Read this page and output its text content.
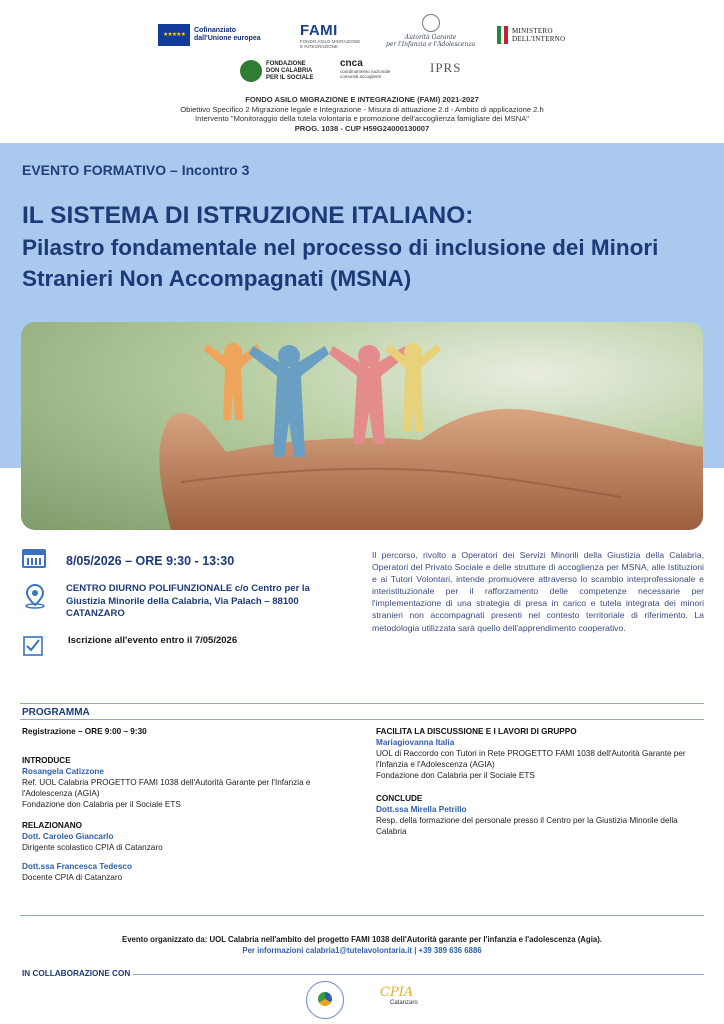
★★★★★
Cofinanziato
dall'Unione europea	FAMI
FONDO ASILO MIGRAZIONE
E INTEGRAZIONE
Autorità Garante
per l'Infanzia e l'Adolescenza
MINISTERO
DELL'INTERNO
FONDAZIONE
DON CALABRIA
PER IL SOCIALE
cnca
coordinamento nazionale
comunità accoglienti
IPRS
FONDO ASILO MIGRAZIONE E INTEGRAZIONE (FAMI) 2021-2027
Obiettivo Specifico 2 Migrazione legale e Integrazione - Misura di attuazione 2.d - Ambito di applicazione 2.h
Intervento "Monitoraggio della tutela volontaria e promozione dell'accoglienza famigliare dei MSNA"
PROG. 1038 - CUP H59G24000130007
EVENTO FORMATIVO – Incontro 3
IL SISTEMA DI ISTRUZIONE ITALIANO:
Pilastro fondamentale nel processo di inclusione dei Minori Stranieri Non Accompagnati (MSNA)
8/05/2026 – ORE 9:30 - 13:30
CENTRO DIURNO POLIFUNZIONALE c/o Centro per la Giustizia Minorile della Calabria, Via Palach – 88100 CATANZARO
Iscrizione all'evento entro il 7/05/2026
Il percorso, rivolto a Operatori dei Servizi Minorili della Giustizia della Calabria, Operatori del Privato Sociale e delle strutture di accoglienza per MSNA, alle Istituzioni e ai Tutori Volontari, intende promuovere attraverso lo scambio interprofessionale e interistituzionale per il rafforzamento delle competenze necessarie per l'implementazione di una strategia di presa in carico e tutela integrata dei minori stranieri non accompagnati presenti nel contesto territoriale di riferimento. La metodologia utilizzata sarà quello dell'apprendimento cooperativo.
PROGRAMMA
Registrazione – ORE 9:00 – 9:30
INTRODUCE
Rosangela Catizzone
Ref. UOL Calabria PROGETTO FAMI 1038 dell'Autorità Garante per l'Infanzia e l'Adolescenza (AGIA)
Fondazione don Calabria per il Sociale ETS
RELAZIONANO
Dott. Caroleo Giancarlo
Dirigente scolastico CPIA di Catanzaro
Dott.ssa Francesca Tedesco
Docente CPIA di Catanzaro
FACILITA LA DISCUSSIONE E I LAVORI DI GRUPPO
Mariagiovanna Italia
UOL di Raccordo con Tutori in Rete PROGETTO FAMI 1038 dell'Autorità Garante per l'Infanzia e l'Adolescenza (AGIA)
Fondazione don Calabria per il Sociale ETS
CONCLUDE
Dott.ssa Mirella Petrillo
Resp. della formazione del personale presso il Centro per la Giustizia Minorile della Calabria
Evento organizzato da: UOL Calabria nell'ambito del progetto FAMI 1038 dell'Autorità garante per l'infanzia e l'adolescenza (Agia).
Per informazioni calabria1@tutelavolontaria.it | +39 389 636 6886
IN COLLABORAZIONE CON
CPIA
Catanzaro
